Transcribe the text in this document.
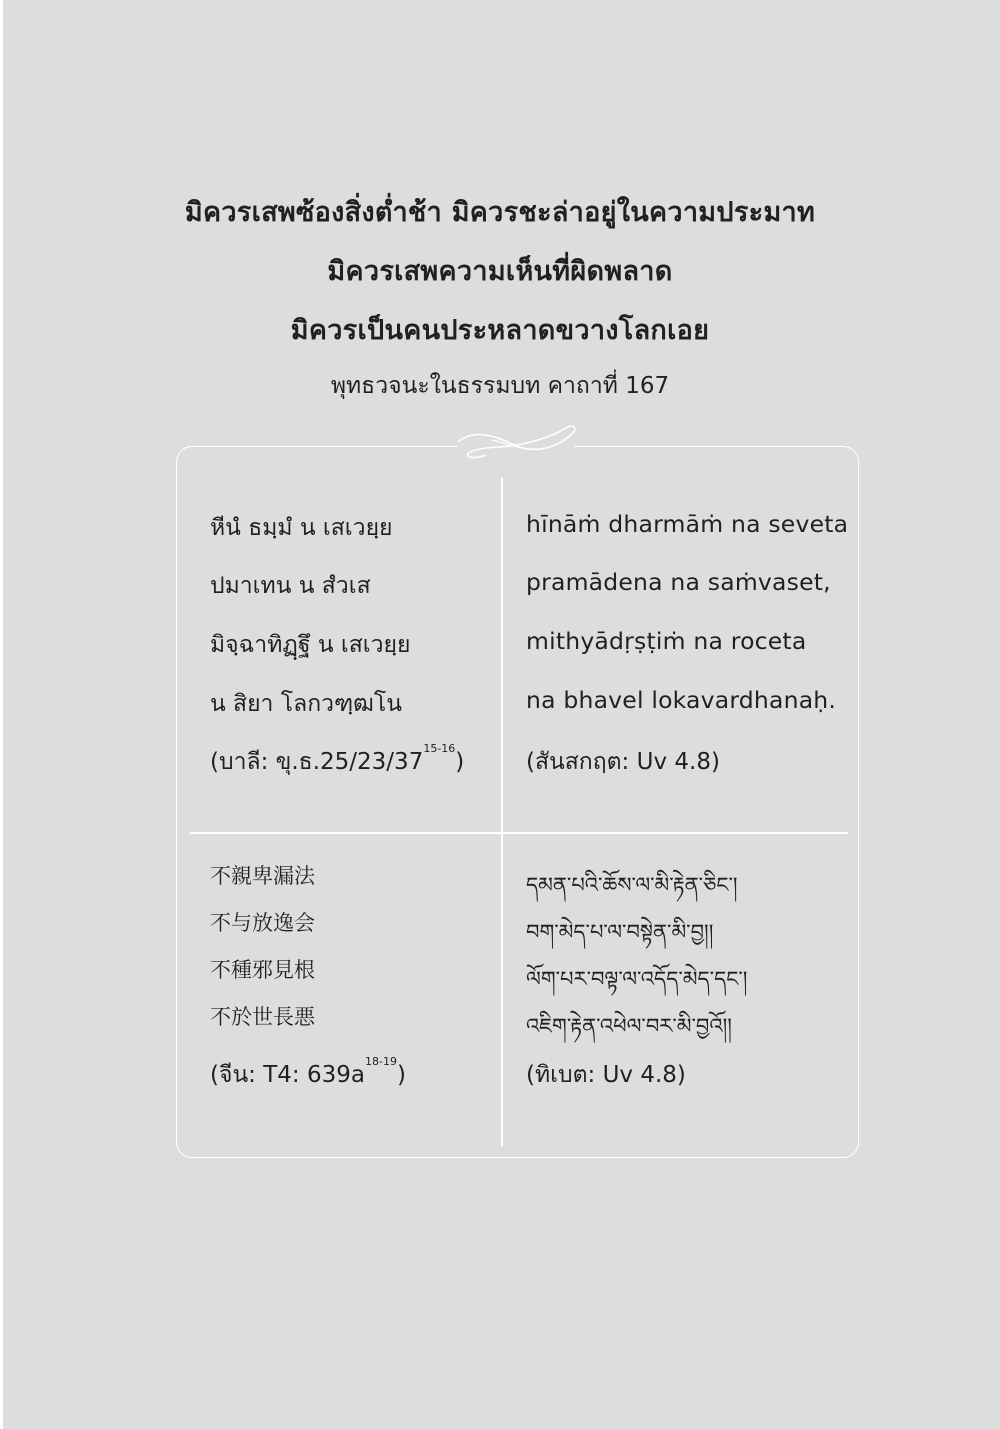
มิควรเสพซ้องสิ่งต่ำช้า มิควรชะล่าอยู่ในความประมาท
มิควรเสพความเห็นที่ผิดพลาด
มิควรเป็นคนประหลาดขวางโลกเอย
พุทธวจนะในธรรมบท คาถาที่ 167
หีนํ ธมฺมํ น เสเวยฺย
ปมาเทน น สํวเส
มิจฺฉาทิฏฺฐึ น เสเวยฺย
น สิยา โลกวฑฺฒโน
(บาลี: ขุ.ธ.25/23/37$^{15-16}$)
hīnāṁ dharmāṁ na seveta
pramādena na saṁvaset,
mithyādṛṣṭiṁ na roceta
na bhavel lokavardhanaḥ.
(สันสกฤต: Uv 4.8)
不親卑漏法
不与放逸会
不種邪見根
不於世長悪
(จีน: T4: $639a^{18-19}$)
དམན་པའི་ཆོས་ལ་མི་རྟེན་ཅིང་།
བག་མེད་པ་ལ་བསྟེན་མི་བྱ།།
ལོག་པར་བལྟ་ལ་འདོད་མེད་དང་།
འཇིག་རྟེན་འཕེལ་བར་མི་བྱའོ།།
(ทิเบต: Uv 4.8)
